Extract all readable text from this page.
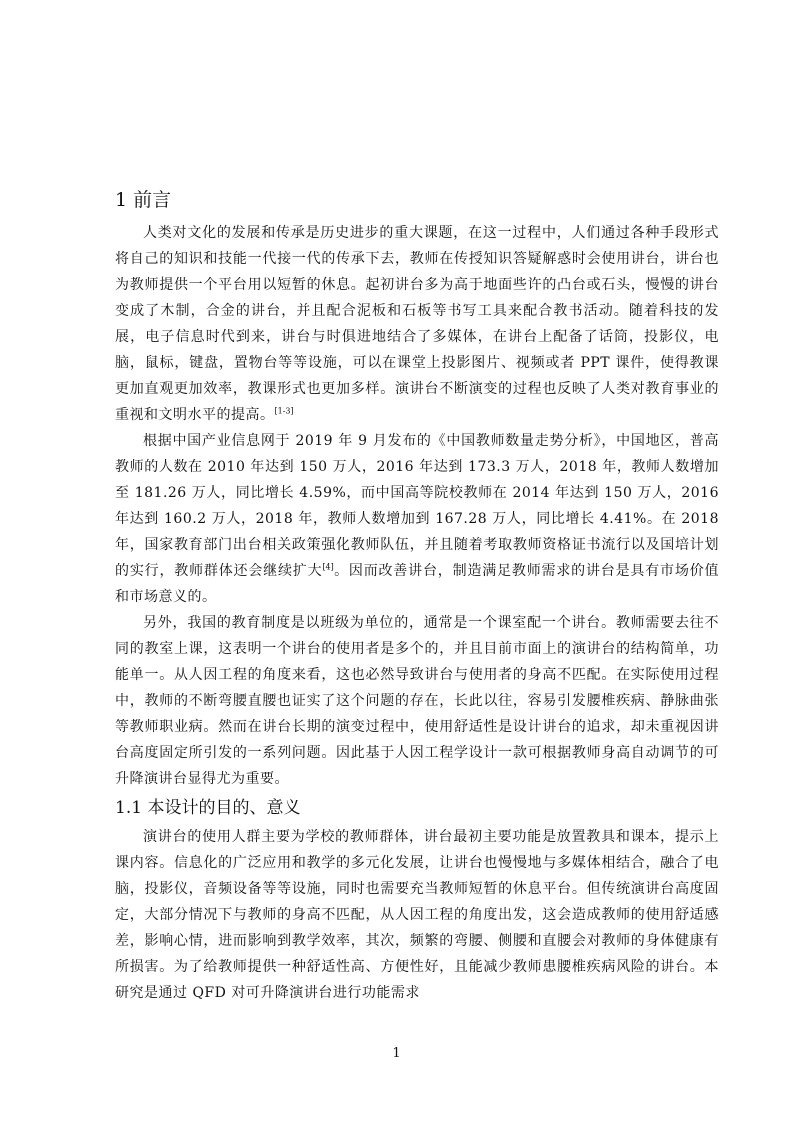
1 前言

人类对文化的发展和传承是历史进步的重大课题，在这一过程中，人们通过各种手段形式将自己的知识和技能一代接一代的传承下去，教师在传授知识答疑解惑时会使用讲台，讲台也为教师提供一个平台用以短暂的休息。起初讲台多为高于地面些许的凸台或石头，慢慢的讲台变成了木制，合金的讲台，并且配合泥板和石板等书写工具来配合教书活动。随着科技的发展，电子信息时代到来，讲台与时俱进地结合了多媒体，在讲台上配备了话筒，投影仪，电脑，鼠标，键盘，置物台等等设施，可以在课堂上投影图片、视频或者 PPT 课件，使得教课更加直观更加效率，教课形式也更加多样。演讲台不断演变的过程也反映了人类对教育事业的重视和文明水平的提高。[1-3]

根据中国产业信息网于 2019 年 9 月发布的《中国教师数量走势分析》，中国地区，普高教师的人数在 2010 年达到 150 万人，2016 年达到 173.3 万人，2018 年，教师人数增加至 181.26 万人，同比增长 4.59%，而中国高等院校教师在 2014 年达到 150 万人，2016 年达到 160.2 万人，2018 年，教师人数增加到 167.28 万人，同比增长 4.41%。在 2018 年，国家教育部门出台相关政策强化教师队伍，并且随着考取教师资格证书流行以及国培计划的实行，教师群体还会继续扩大[4]。因而改善讲台，制造满足教师需求的讲台是具有市场价值和市场意义的。

另外，我国的教育制度是以班级为单位的，通常是一个课室配一个讲台。教师需要去往不同的教室上课，这表明一个讲台的使用者是多个的，并且目前市面上的演讲台的结构简单，功能单一。从人因工程的角度来看，这也必然导致讲台与使用者的身高不匹配。在实际使用过程中，教师的不断弯腰直腰也证实了这个问题的存在，长此以往，容易引发腰椎疾病、静脉曲张等教师职业病。然而在讲台长期的演变过程中，使用舒适性是设计讲台的追求，却未重视因讲台高度固定所引发的一系列问题。因此基于人因工程学设计一款可根据教师身高自动调节的可升降演讲台显得尤为重要。

1.1 本设计的目的、意义

演讲台的使用人群主要为学校的教师群体，讲台最初主要功能是放置教具和课本，提示上课内容。信息化的广泛应用和教学的多元化发展，让讲台也慢慢地与多媒体相结合，融合了电脑，投影仪，音频设备等等设施，同时也需要充当教师短暂的休息平台。但传统演讲台高度固定，大部分情况下与教师的身高不匹配，从人因工程的角度出发，这会造成教师的使用舒适感差，影响心情，进而影响到教学效率，其次，频繁的弯腰、侧腰和直腰会对教师的身体健康有所损害。为了给教师提供一种舒适性高、方便性好，且能减少教师患腰椎疾病风险的讲台。本研究是通过 QFD 对可升降演讲台进行功能需求

1
